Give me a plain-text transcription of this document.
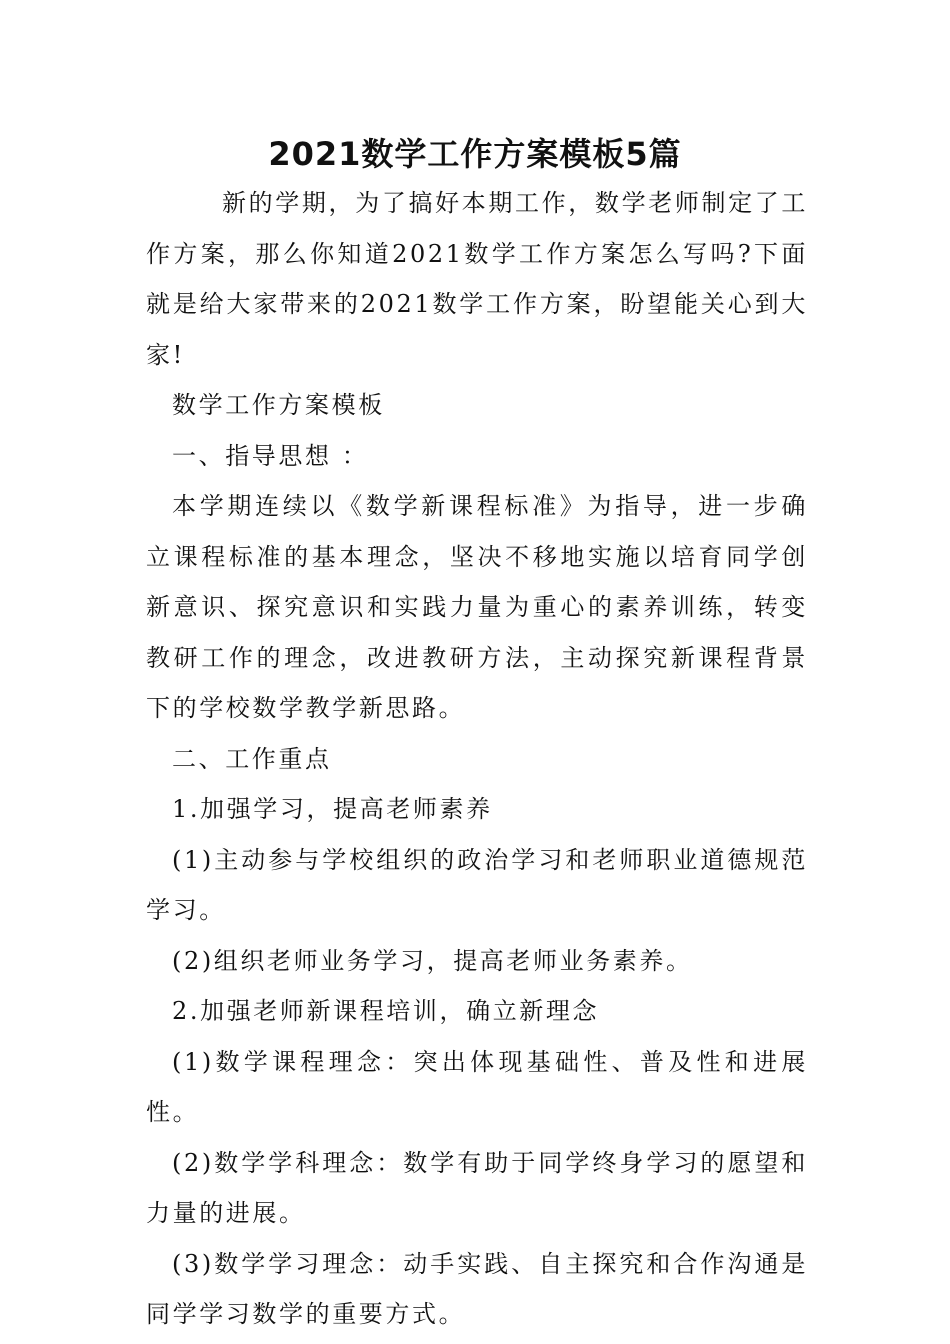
2021数学工作方案模板5篇

新的学期，为了搞好本期工作，数学老师制定了工作方案，那么你知道2021数学工作方案怎么写吗?下面就是给大家带来的2021数学工作方案，盼望能关心到大家!

数学工作方案模板

一、指导思想 ：

本学期连续以《数学新课程标准》为指导，进一步确立课程标准的基本理念，坚决不移地实施以培育同学创新意识、探究意识和实践力量为重心的素养训练，转变教研工作的理念，改进教研方法，主动探究新课程背景下的学校数学教学新思路。

二、工作重点

1.加强学习，提高老师素养

(1)主动参与学校组织的政治学习和老师职业道德规范学习。

(2)组织老师业务学习，提高老师业务素养。

2.加强老师新课程培训，确立新理念

(1)数学课程理念：突出体现基础性、普及性和进展性。

(2)数学学科理念：数学有助于同学终身学习的愿望和力量的进展。

(3)数学学习理念：动手实践、自主探究和合作沟通是同学学习数学的重要方式。
